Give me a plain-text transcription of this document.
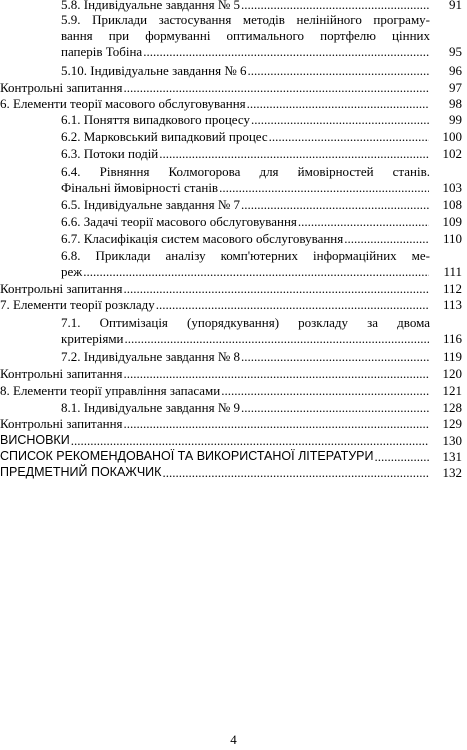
5.8. Індивідуальне завдання № 5 .....	91
5.9. Приклади застосування методів нелінійного програму-
вання при формуванні оптимального портфелю цінних
паперів Тобіна .....	95
5.10. Індивідуальне завдання № 6 .....	96
Контрольні запитання .....	97
6. Елементи теорії масового обслуговування .....	98
6.1. Поняття випадкового процесу .....	99
6.2. Марковський випадковий процес .....	100
6.3. Потоки подій .....	102
6.4. Рівняння Колмогорова для ймовірностей станів.
Фінальні ймовірності станів .....	103
6.5. Індивідуальне завдання № 7 .....	108
6.6. Задачі теорії масового обслуговування .....	109
6.7. Класифікація систем масового обслуговування .....	110
6.8. Приклади аналізу комп'ютерних інформаційних ме-
реж .....	111
Контрольні запитання .....	112
7. Елементи теорії розкладу .....	113
7.1. Оптимізація (упорядкування) розкладу за двома
критеріями .....	116
7.2. Індивідуальне завдання № 8 .....	119
Контрольні запитання .....	120
8. Елементи теорії управління запасами .....	121
8.1. Індивідуальне завдання № 9 .....	128
Контрольні запитання .....	129
ВИСНОВКИ .....	130
СПИСОК РЕКОМЕНДОВАНОЇ ТА ВИКОРИСТАНОЇ ЛІТЕРАТУРИ .....	131
ПРЕДМЕТНИЙ ПОКАЖЧИК .....	132
4
